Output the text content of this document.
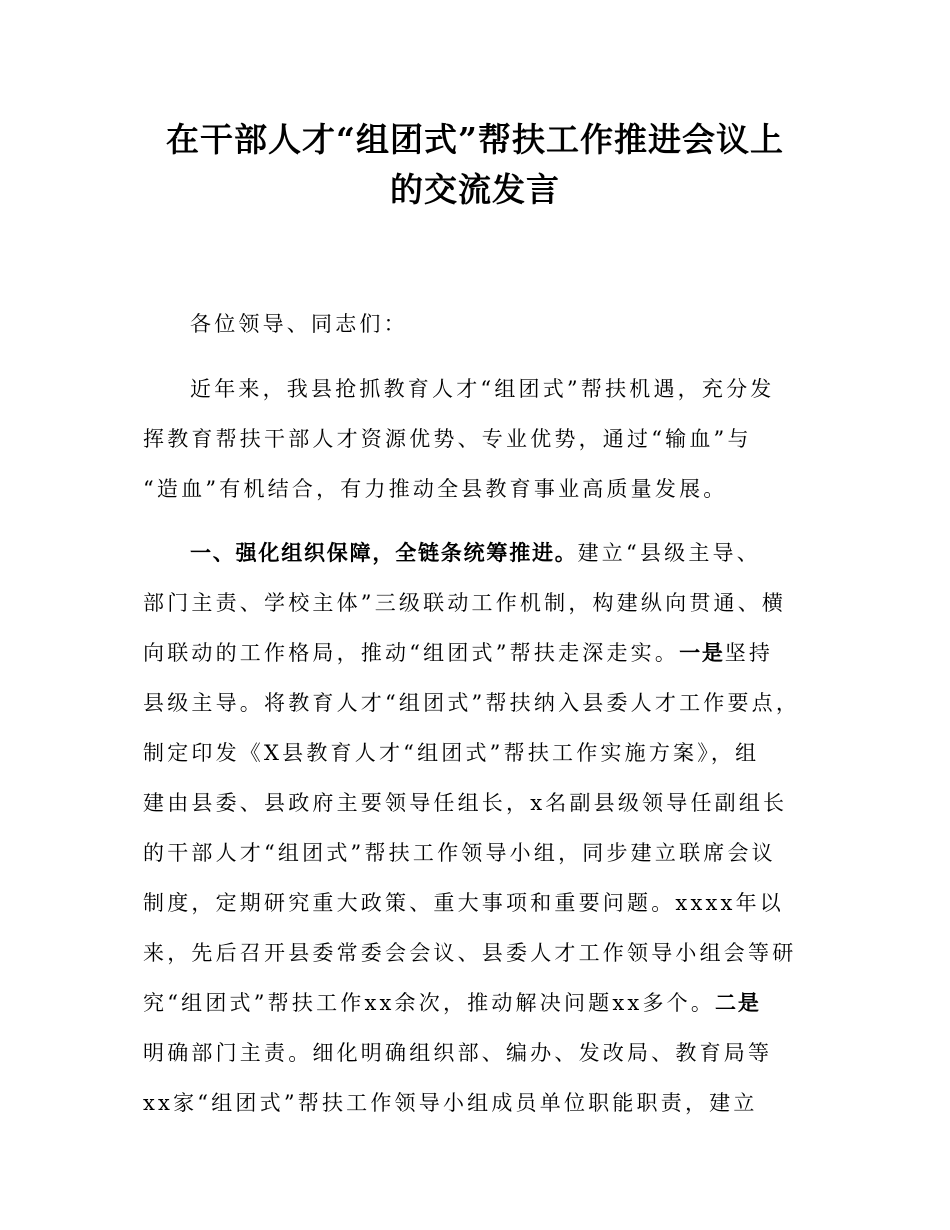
在干部人才“组团式”帮扶工作推进会议上
的交流发言
各位领导、同志们：
近年来，我县抢抓教育人才“组团式”帮扶机遇，充分发
挥教育帮扶干部人才资源优势、专业优势，通过“输血”与
“造血”有机结合，有力推动全县教育事业高质量发展。
一、强化组织保障，全链条统筹推进。建立“县级主导、
部门主责、学校主体”三级联动工作机制，构建纵向贯通、横
向联动的工作格局，推动“组团式”帮扶走深走实。一是坚持
县级主导。将教育人才“组团式”帮扶纳入县委人才工作要点，
制定印发《X县教育人才“组团式”帮扶工作实施方案》，组
建由县委、县政府主要领导任组长，x名副县级领导任副组长
的干部人才“组团式”帮扶工作领导小组，同步建立联席会议
制度，定期研究重大政策、重大事项和重要问题。xxxx年以
来，先后召开县委常委会会议、县委人才工作领导小组会等研
究“组团式”帮扶工作xx余次，推动解决问题xx多个。二是
明确部门主责。细化明确组织部、编办、发改局、教育局等
xx家“组团式”帮扶工作领导小组成员单位职能职责，建立
